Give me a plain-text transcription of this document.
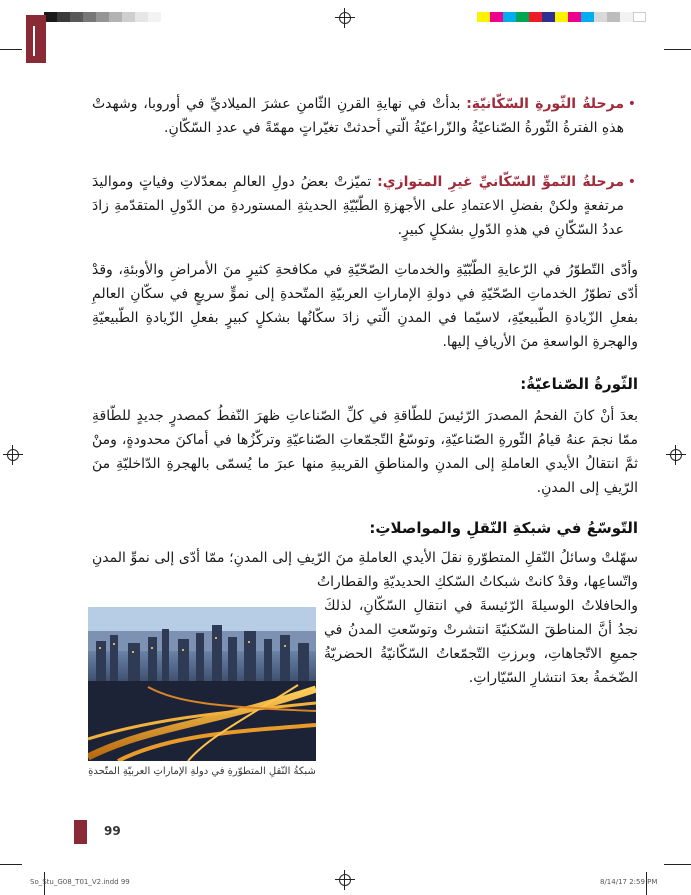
• مرحلةُ الثّورةِ السّكّانيّةِ: بدأتْ في نهايةِ القرنِ الثّامنِ عشرَ الميلاديِّ في أوروبا، وشهدتْ هذهِ الفترةُ الثّورةُ الصّناعيّةُ والزّراعيّةُ الّتي أحدثتْ تغيّراتٍ مهمّةً في عددِ السّكّانِ.
• مرحلةُ النّموِّ السّكّانيِّ غيرِ المتوازي: تميّزتْ بعضُ دولِ العالمِ بمعدّلاتِ وفياتٍ ومواليدَ مرتفعةٍ ولكنْ بفضلِ الاعتمادِ على الأجهزةِ الطّبّيّةِ الحديثةِ المستوردةِ من الدّولِ المتقدّمةِ زادَ عددُ السّكّانِ في هذهِ الدّولِ بشكلٍ كبيرٍ.
وأدّى التّطوّرُ في الرّعايةِ الطّبّيّةِ والخدماتِ الصّحّيّةِ في مكافحةِ كثيرٍ منَ الأمراضِ والأوبئةِ، وقدْ أدّى تطوّرُ الخدماتِ الصّحّيّةِ في دولةِ الإماراتِ العربيّةِ المتّحدةِ إلى نموٍّ سريعٍ في سكّانِ العالمِ بفعلِ الزّيادةِ الطّبيعيّةِ، لاسيّما في المدنِ الّتي زادَ سكّانُها بشكلٍ كبيرٍ بفعلِ الزّيادةِ الطّبيعيّةِ والهجرةِ الواسعةِ منَ الأريافِ إليها.
الثّورةُ الصّناعيّةُ:
بعدَ أنْ كانَ الفحمُ المصدرَ الرّئيسَ للطّاقةِ في كلِّ الصّناعاتِ ظهرَ النّفطُ كمصدرٍ جديدٍ للطّاقةِ ممّا نجمَ عنهُ قيامُ الثّورةِ الصّناعيّةِ، وتوسّعُ التّجمّعاتِ الصّناعيّةِ وتركّزُها في أماكنَ محدودةٍ، ومنْ ثمَّ انتقالُ الأيدي العاملةِ إلى المدنِ والمناطقِ القريبةِ منها عبرَ ما يُسمّى بالهجرةِ الدّاخليّةِ منَ الرّيفِ إلى المدنِ.
التّوسّعُ في شبكةِ النّقلِ والمواصلاتِ:
سهّلتْ وسائلُ النّقلِ المتطوّرةِ نقلَ الأيدي العاملةِ منَ الرّيفِ إلى المدنِ؛ ممّا أدّى إلى نموِّ المدنِ واتّساعِها، وقدْ كانتْ شبكاتُ السّككِ الحديديّةِ والقطاراتُ
والحافلاتُ الوسيلةَ الرّئيسةَ في انتقالِ السّكّانِ، لذلكَ نجدُ أنَّ المناطقَ السّكنيّةَ انتشرتْ وتوسّعتِ المدنُ في جميعِ الاتّجاهاتِ، وبرزتِ التّجمّعاتُ السّكّانيّةُ الحضريّةُ الضّخمةُ بعدَ انتشارِ السّيّاراتِ.
شبكةُ النّقلِ المتطوّرةِ في دولةِ الإماراتِ العربيّةِ المتّحدةِ
99
So_Stu_G08_T01_V2.indd 99	8/14/17 2:59 PM
